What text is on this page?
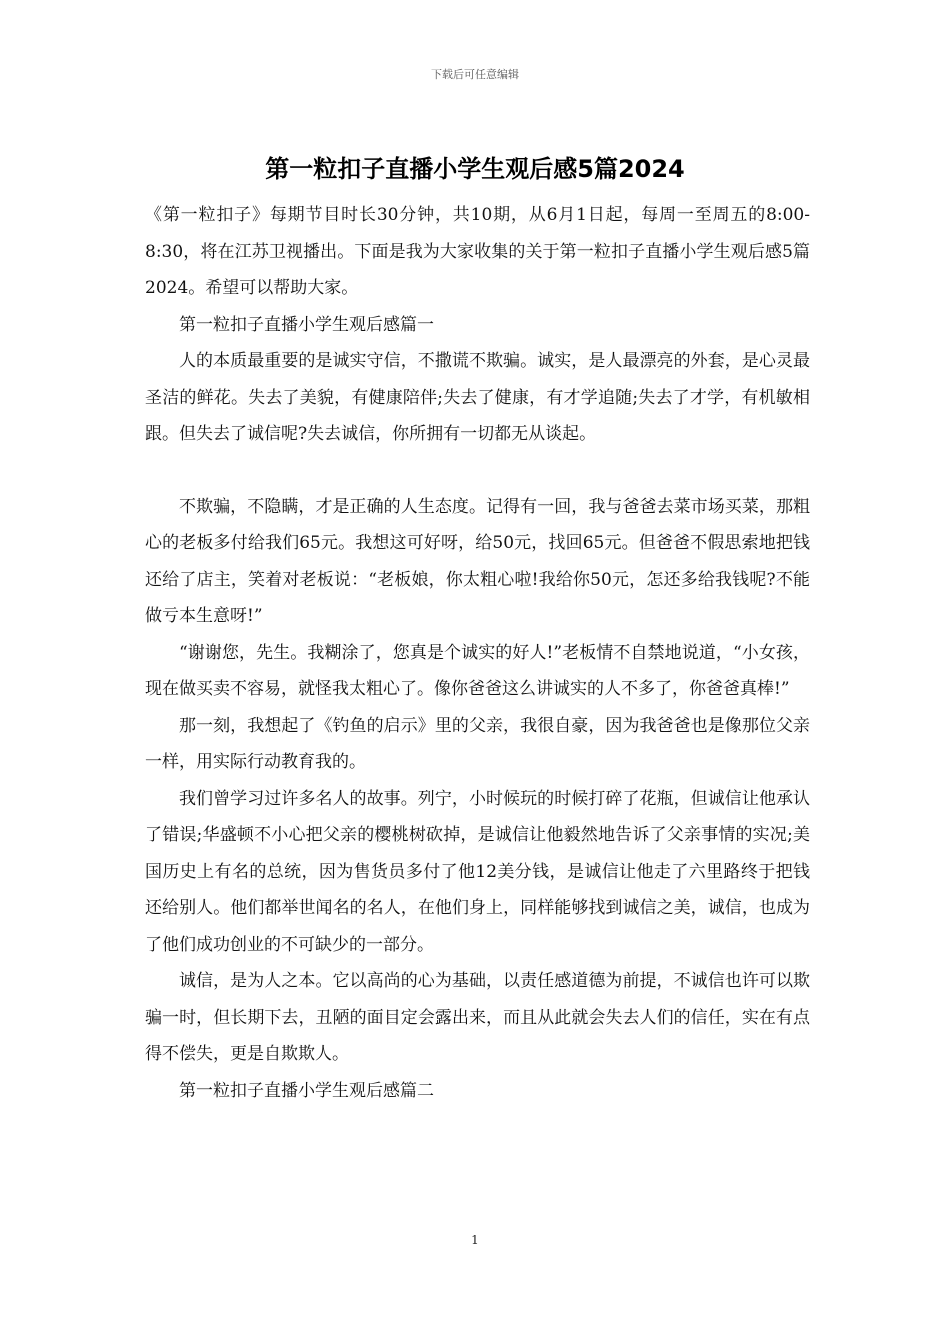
下载后可任意编辑
第一粒扣子直播小学生观后感5篇2024

《第一粒扣子》每期节目时长30分钟，共10期，从6月1日起，每周一至周五的8:00-8:30，将在江苏卫视播出。下面是我为大家收集的关于第一粒扣子直播小学生观后感5篇2024。希望可以帮助大家。

第一粒扣子直播小学生观后感篇一

人的本质最重要的是诚实守信，不撒谎不欺骗。诚实，是人最漂亮的外套，是心灵最圣洁的鲜花。失去了美貌，有健康陪伴;失去了健康，有才学追随;失去了才学，有机敏相跟。但失去了诚信呢?失去诚信，你所拥有一切都无从谈起。

不欺骗，不隐瞒，才是正确的人生态度。记得有一回，我与爸爸去菜市场买菜，那粗心的老板多付给我们65元。我想这可好呀，给50元，找回65元。但爸爸不假思索地把钱还给了店主，笑着对老板说：“老板娘，你太粗心啦!我给你50元，怎还多给我钱呢?不能做亏本生意呀!”

“谢谢您，先生。我糊涂了，您真是个诚实的好人!”老板情不自禁地说道，“小女孩，现在做买卖不容易，就怪我太粗心了。像你爸爸这么讲诚实的人不多了，你爸爸真棒!”

那一刻，我想起了《钓鱼的启示》里的父亲，我很自豪，因为我爸爸也是像那位父亲一样，用实际行动教育我的。

我们曾学习过许多名人的故事。列宁，小时候玩的时候打碎了花瓶，但诚信让他承认了错误;华盛顿不小心把父亲的樱桃树砍掉，是诚信让他毅然地告诉了父亲事情的实况;美国历史上有名的总统，因为售货员多付了他12美分钱，是诚信让他走了六里路终于把钱还给别人。他们都举世闻名的名人，在他们身上，同样能够找到诚信之美，诚信，也成为了他们成功创业的不可缺少的一部分。

诚信，是为人之本。它以高尚的心为基础，以责任感道德为前提，不诚信也许可以欺骗一时，但长期下去，丑陋的面目定会露出来，而且从此就会失去人们的信任，实在有点得不偿失，更是自欺欺人。

第一粒扣子直播小学生观后感篇二

1
